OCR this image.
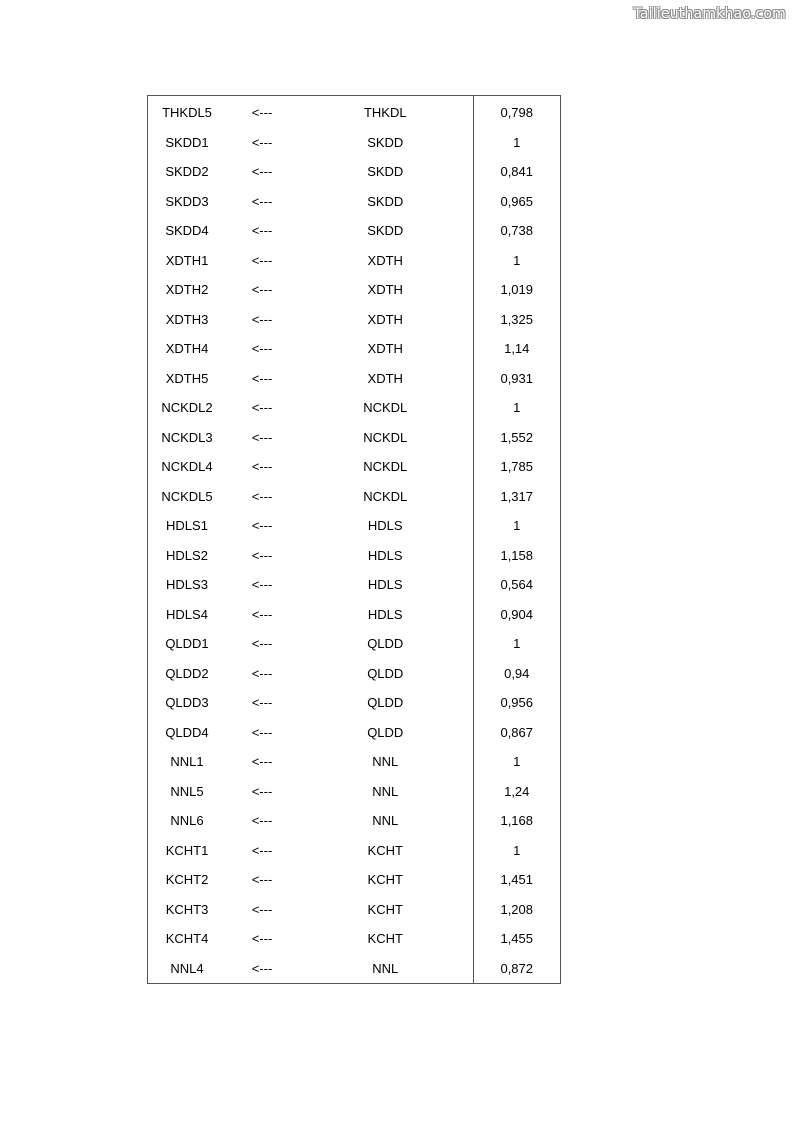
Tailieuthamkhao.com
THKDL5	<---	THKDL	0,798
SKDD1	<---	SKDD	1
SKDD2	<---	SKDD	0,841
SKDD3	<---	SKDD	0,965
SKDD4	<---	SKDD	0,738
XDTH1	<---	XDTH	1
XDTH2	<---	XDTH	1,019
XDTH3	<---	XDTH	1,325
XDTH4	<---	XDTH	1,14
XDTH5	<---	XDTH	0,931
NCKDL2	<---	NCKDL	1
NCKDL3	<---	NCKDL	1,552
NCKDL4	<---	NCKDL	1,785
NCKDL5	<---	NCKDL	1,317
HDLS1	<---	HDLS	1
HDLS2	<---	HDLS	1,158
HDLS3	<---	HDLS	0,564
HDLS4	<---	HDLS	0,904
QLDD1	<---	QLDD	1
QLDD2	<---	QLDD	0,94
QLDD3	<---	QLDD	0,956
QLDD4	<---	QLDD	0,867
NNL1	<---	NNL	1
NNL5	<---	NNL	1,24
NNL6	<---	NNL	1,168
KCHT1	<---	KCHT	1
KCHT2	<---	KCHT	1,451
KCHT3	<---	KCHT	1,208
KCHT4	<---	KCHT	1,455
NNL4	<---	NNL	0,872
